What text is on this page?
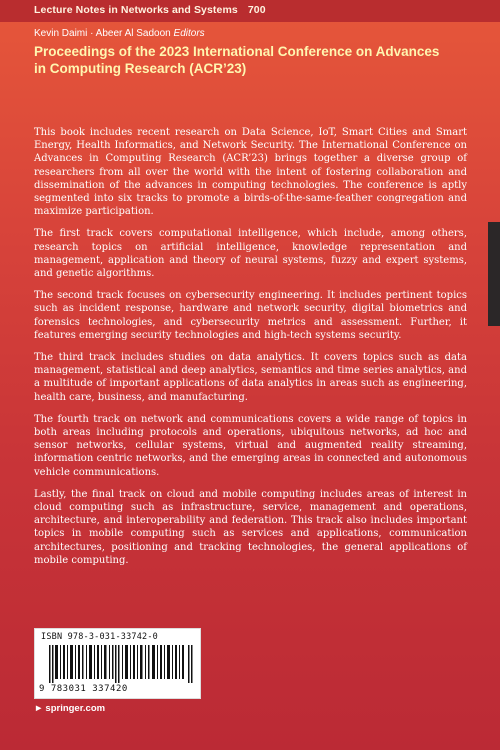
Lecture Notes in Networks and Systems 700
Kevin Daimi · Abeer Al Sadoon Editors
Proceedings of the 2023 International Conference on Advances in Computing Research (ACR’23)

This book includes recent research on Data Science, IoT, Smart Cities and Smart Energy, Health Informatics, and Network Security. The International Conference on Advances in Computing Research (ACR’23) brings together a diverse group of researchers from all over the world with the intent of fostering collaboration and dissemination of the advances in computing technologies. The conference is aptly segmented into six tracks to promote a birds-of-the-same-feather congregation and maximize participation.

The first track covers computational intelligence, which include, among others, research topics on artificial intelligence, knowledge representation and management, application and theory of neural systems, fuzzy and expert systems, and genetic algorithms.

The second track focuses on cybersecurity engineering. It includes pertinent topics such as incident response, hardware and network security, digital biometrics and forensics technologies, and cybersecurity metrics and assessment. Further, it features emerging security technologies and high-tech systems security.

The third track includes studies on data analytics. It covers topics such as data management, statistical and deep analytics, semantics and time series analytics, and a multitude of important applications of data analytics in areas such as engineering, health care, business, and manufacturing.

The fourth track on network and communications covers a wide range of topics in both areas including protocols and operations, ubiquitous networks, ad hoc and sensor networks, cellular systems, virtual and augmented reality streaming, information centric networks, and the emerging areas in connected and autonomous vehicle communications.

Lastly, the final track on cloud and mobile computing includes areas of interest in cloud computing such as infrastructure, service, management and operations, architecture, and interoperability and federation. This track also includes important topics in mobile computing such as services and applications, communication architectures, positioning and tracking technologies, the general applications of mobile computing.

ISBN 978-3-031-33742-0
9 783031 337420
► springer.com
